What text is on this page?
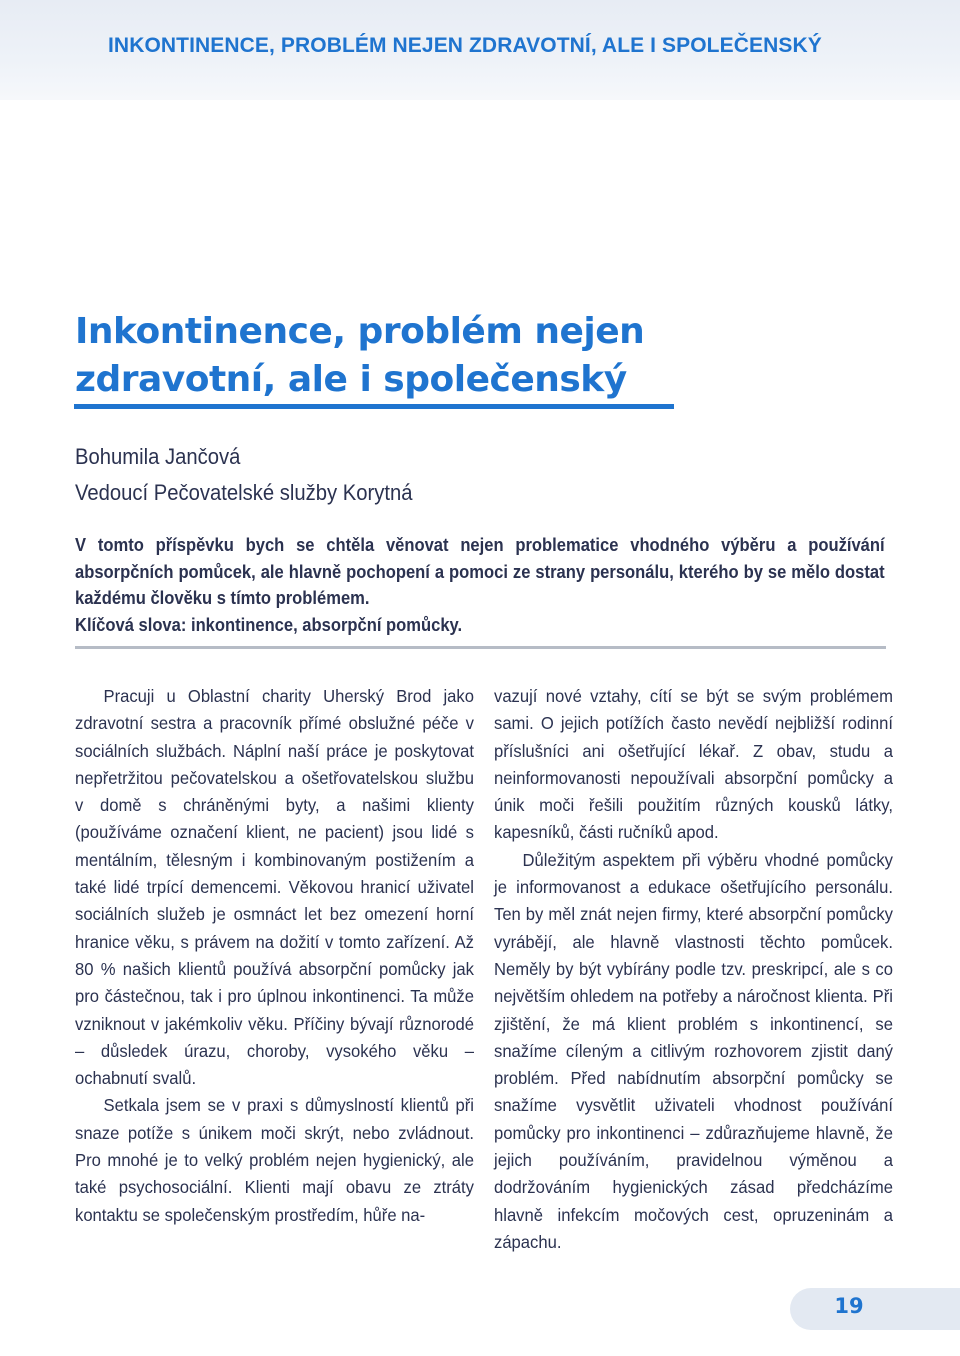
INKONTINENCE, PROBLÉM NEJEN ZDRAVOTNÍ, ALE I SPOLEČENSKÝ
Inkontinence, problém nejen
zdravotní, ale i společenský
Bohumila Jančová
Vedoucí Pečovatelské služby Korytná

V tomto příspěvku bych se chtěla věnovat nejen problematice vhodného výběru a používání absorpčních pomůcek, ale hlavně pochopení a pomoci ze strany personálu, kterého by se mělo dostat každému člověku s tímto problémem.

Klíčová slova: inkontinence, absorpční pomůcky.

Pracuji u Oblastní charity Uherský Brod jako zdravotní sestra a pracovník přímé obslužné péče v sociálních službách. Náplní naší práce je poskytovat nepřetržitou pečovatelskou a ošetřovatelskou službu v domě s chráněnými byty, a našimi klienty (používáme označení klient, ne pacient) jsou lidé s mentálním, tělesným i kombinovaným postižením a také lidé trpící demencemi. Věkovou hranicí uživatel sociálních služeb je osmnáct let bez omezení horní hranice věku, s právem na dožití v tomto zařízení. Až 80 % našich klientů používá absorpční pomůcky jak pro částečnou, tak i pro úplnou inkontinenci. Ta může vzniknout v jakémkoliv věku. Příčiny bývají různorodé – důsledek úrazu, choroby, vysokého věku – ochabnutí svalů.

Setkala jsem se v praxi s důmyslností klientů při snaze potíže s únikem moči skrýt, nebo zvládnout. Pro mnohé je to velký problém nejen hygienický, ale také psychosociální. Klienti mají obavu ze ztráty kontaktu se společenským prostředím, hůře na-

vazují nové vztahy, cítí se být se svým problémem sami. O jejich potížích často nevědí nejbližší rodinní příslušníci ani ošetřující lékař. Z obav, studu a neinformovanosti nepoužívali absorpční pomůcky a únik moči řešili použitím různých kousků látky, kapesníků, části ručníků apod.

Důležitým aspektem při výběru vhodné pomůcky je informovanost a edukace ošetřujícího personálu. Ten by měl znát nejen firmy, které absorpční pomůcky vyrábějí, ale hlavně vlastnosti těchto pomůcek. Neměly by být vybírány podle tzv. preskripcí, ale s co největším ohledem na potřeby a náročnost klienta. Při zjištění, že má klient problém s inkontinencí, se snažíme cíleným a citlivým rozhovorem zjistit daný problém. Před nabídnutím absorpční pomůcky se snažíme vysvětlit uživateli vhodnost používání pomůcky pro inkontinenci – zdůrazňujeme hlavně, že jejich používáním, pravidelnou výměnou a dodržováním hygienických zásad předcházíme hlavně infekcím močových cest, opruzeninám a zápachu.

19
